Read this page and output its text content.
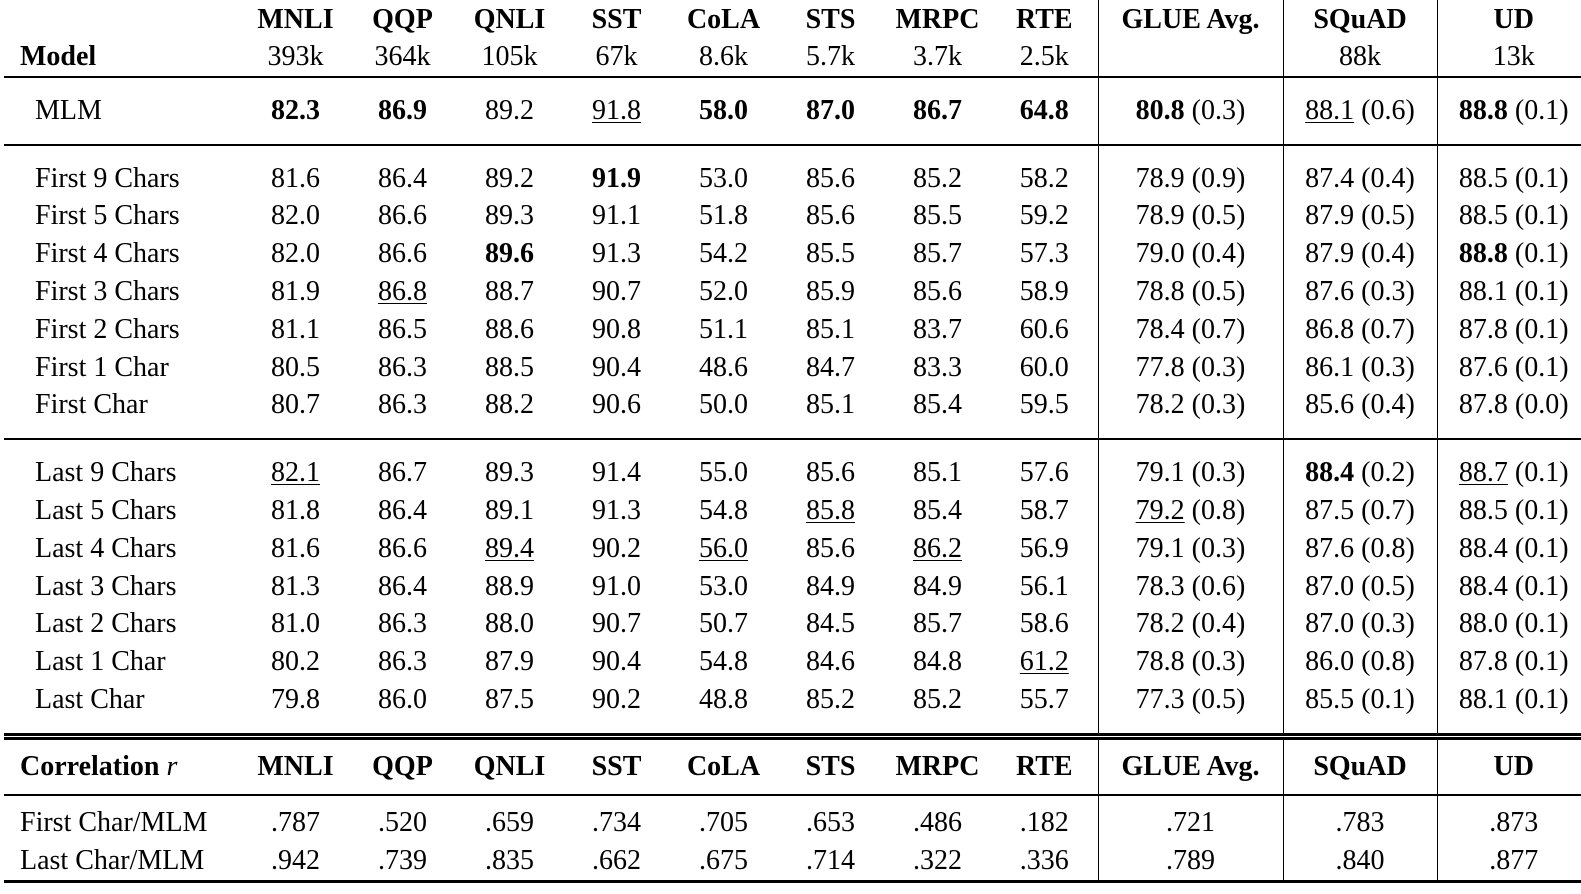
	MNLI	QQP	QNLI	SST	CoLA	STS	MRPC	RTE	GLUE Avg.	SQuAD	UD
Model	393k	364k	105k	67k	8.6k	5.7k	3.7k	2.5k		88k	13k
MLM	82.3	86.9	89.2	91.8	58.0	87.0	86.7	64.8	80.8 (0.3)	88.1 (0.6)	88.8 (0.1)
First 9 Chars	81.6	86.4	89.2	91.9	53.0	85.6	85.2	58.2	78.9 (0.9)	87.4 (0.4)	88.5 (0.1)
First 5 Chars	82.0	86.6	89.3	91.1	51.8	85.6	85.5	59.2	78.9 (0.5)	87.9 (0.5)	88.5 (0.1)
First 4 Chars	82.0	86.6	89.6	91.3	54.2	85.5	85.7	57.3	79.0 (0.4)	87.9 (0.4)	88.8 (0.1)
First 3 Chars	81.9	86.8	88.7	90.7	52.0	85.9	85.6	58.9	78.8 (0.5)	87.6 (0.3)	88.1 (0.1)
First 2 Chars	81.1	86.5	88.6	90.8	51.1	85.1	83.7	60.6	78.4 (0.7)	86.8 (0.7)	87.8 (0.1)
First 1 Char	80.5	86.3	88.5	90.4	48.6	84.7	83.3	60.0	77.8 (0.3)	86.1 (0.3)	87.6 (0.1)
First Char	80.7	86.3	88.2	90.6	50.0	85.1	85.4	59.5	78.2 (0.3)	85.6 (0.4)	87.8 (0.0)
Last 9 Chars	82.1	86.7	89.3	91.4	55.0	85.6	85.1	57.6	79.1 (0.3)	88.4 (0.2)	88.7 (0.1)
Last 5 Chars	81.8	86.4	89.1	91.3	54.8	85.8	85.4	58.7	79.2 (0.8)	87.5 (0.7)	88.5 (0.1)
Last 4 Chars	81.6	86.6	89.4	90.2	56.0	85.6	86.2	56.9	79.1 (0.3)	87.6 (0.8)	88.4 (0.1)
Last 3 Chars	81.3	86.4	88.9	91.0	53.0	84.9	84.9	56.1	78.3 (0.6)	87.0 (0.5)	88.4 (0.1)
Last 2 Chars	81.0	86.3	88.0	90.7	50.7	84.5	85.7	58.6	78.2 (0.4)	87.0 (0.3)	88.0 (0.1)
Last 1 Char	80.2	86.3	87.9	90.4	54.8	84.6	84.8	61.2	78.8 (0.3)	86.0 (0.8)	87.8 (0.1)
Last Char	79.8	86.0	87.5	90.2	48.8	85.2	85.2	55.7	77.3 (0.5)	85.5 (0.1)	88.1 (0.1)
Correlation r	MNLI	QQP	QNLI	SST	CoLA	STS	MRPC	RTE	GLUE Avg.	SQuAD	UD
First Char/MLM	.787	.520	.659	.734	.705	.653	.486	.182	.721	.783	.873
Last Char/MLM	.942	.739	.835	.662	.675	.714	.322	.336	.789	.840	.877
